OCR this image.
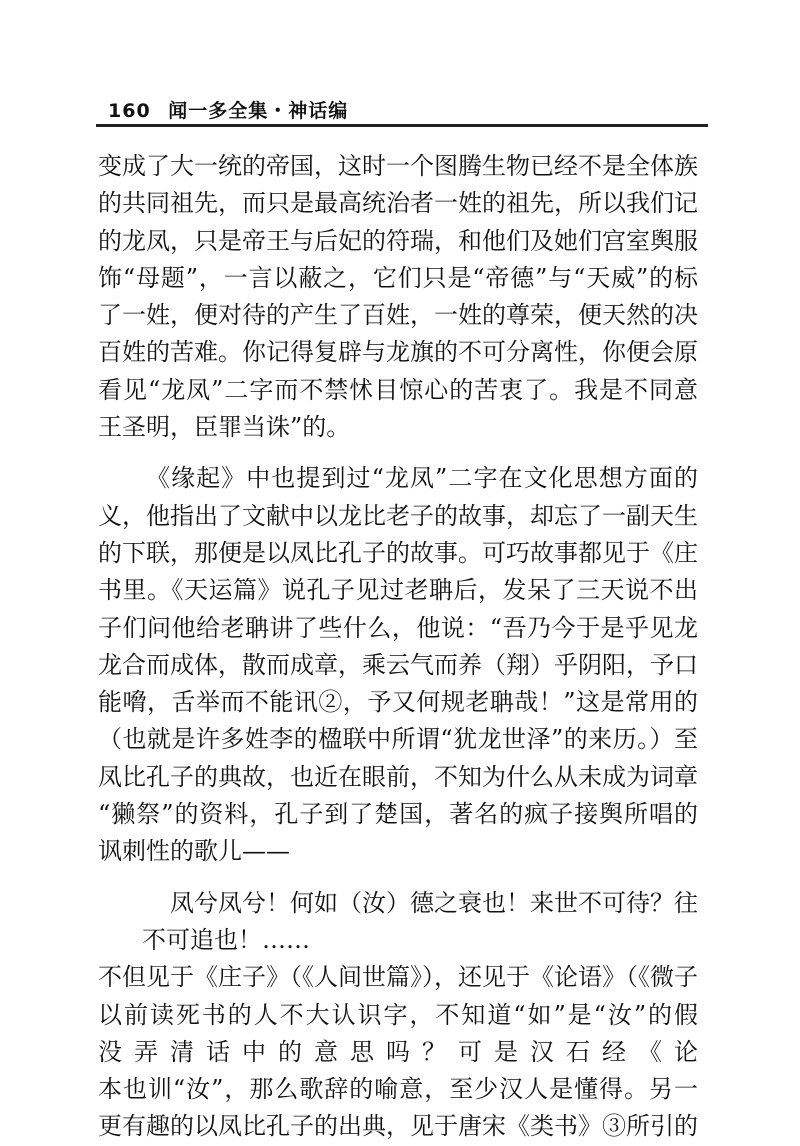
160 闻一多全集・神话编
变成了大一统的帝国，这时一个图腾生物已经不是全体族
的共同祖先，而只是最高统治者一姓的祖先，所以我们记
的龙凤，只是帝王与后妃的符瑞，和他们及她们宫室舆服
饰“母题”，一言以蔽之，它们只是“帝德”与“天威”的标
了一姓，便对待的产生了百姓，一姓的尊荣，便天然的决
百姓的苦难。你记得复辟与龙旗的不可分离性，你便会原
看见“龙凤”二字而不禁怵目惊心的苦衷了。我是不同意
王圣明，臣罪当诛”的。
《缘起》中也提到过“龙凤”二字在文化思想方面的
义，他指出了文献中以龙比老子的故事，却忘了一副天生
的下联，那便是以凤比孔子的故事。可巧故事都见于《庄
书里。《天运篇》说孔子见过老聃后，发呆了三天说不出
子们问他给老聃讲了些什么，他说：“吾乃今于是乎见龙
龙合而成体，散而成章，乘云气而养（翔）乎阴阳，予口
能嗋，舌举而不能讯②，予又何规老聃哉！”这是常用的
（也就是许多姓李的楹联中所谓“犹龙世泽”的来历。）至
凤比孔子的典故，也近在眼前，不知为什么从未成为词章
“獭祭”的资料，孔子到了楚国，著名的疯子接舆所唱的
讽刺性的歌儿——
凤兮凤兮！何如（汝）德之衰也！来世不可待？往
不可追也！……
不但见于《庄子》（《人间世篇》），还见于《论语》（《微子
以前读死书的人不大认识字，不知道“如”是“汝”的假
没弄清话中的意思吗？可是汉石经《论
本也训“汝”，那么歌辞的喻意，至少汉人是懂得。另一
更有趣的以凤比孔子的出典，见于唐宋《类书》③所引的
